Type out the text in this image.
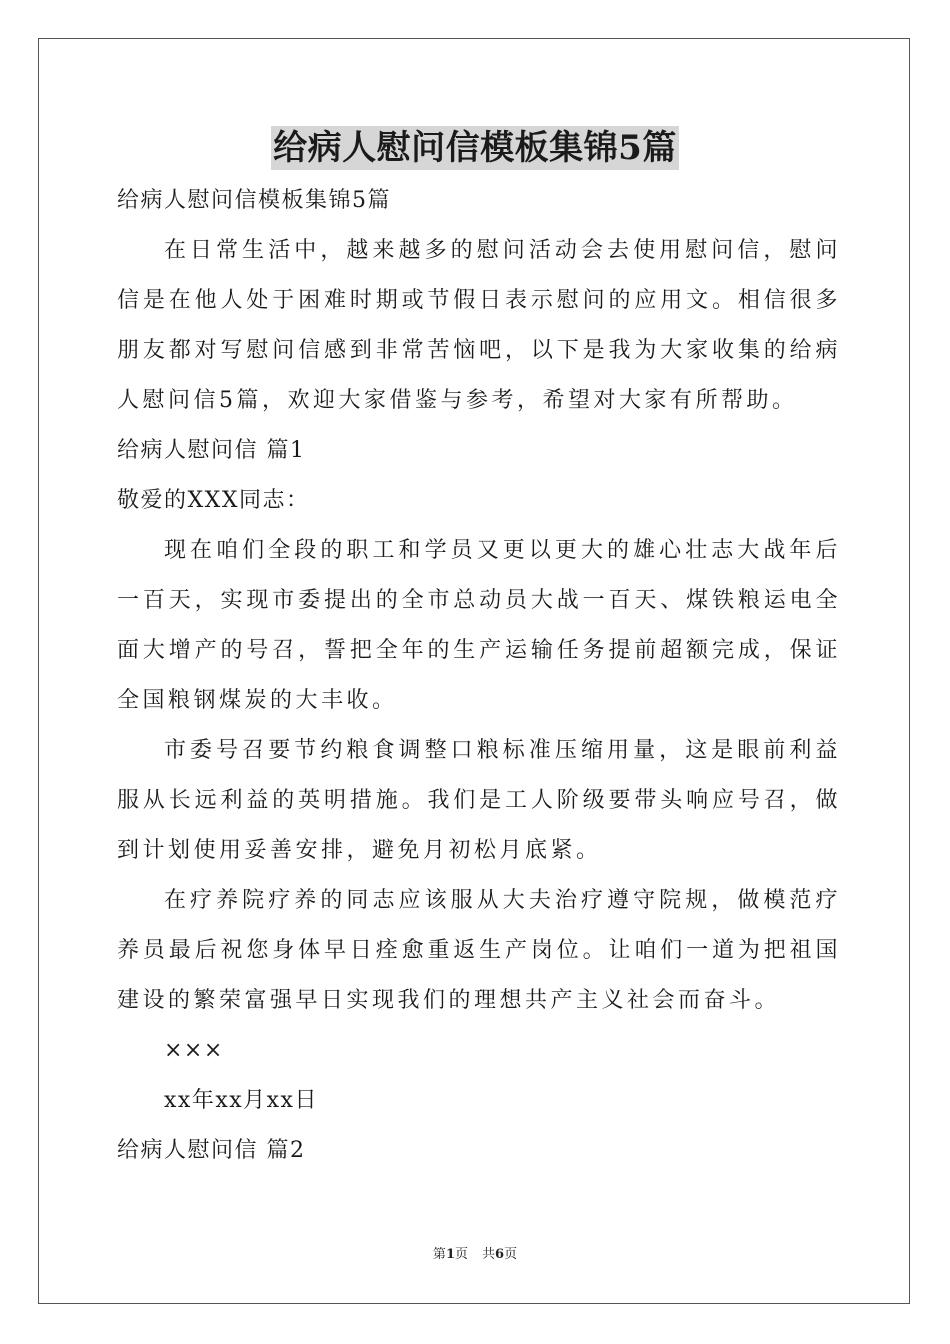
给病人慰问信模板集锦5篇
给病人慰问信模板集锦5篇
在日常生活中，越来越多的慰问活动会去使用慰问信，慰问信是在他人处于困难时期或节假日表示慰问的应用文。相信很多朋友都对写慰问信感到非常苦恼吧，以下是我为大家收集的给病人慰问信5篇，欢迎大家借鉴与参考，希望对大家有所帮助。
给病人慰问信 篇1
敬爱的XXX同志：
现在咱们全段的职工和学员又更以更大的雄心壮志大战年后一百天，实现市委提出的全市总动员大战一百天、煤铁粮运电全面大增产的号召，誓把全年的生产运输任务提前超额完成，保证全国粮钢煤炭的大丰收。
市委号召要节约粮食调整口粮标准压缩用量，这是眼前利益服从长远利益的英明措施。我们是工人阶级要带头响应号召，做到计划使用妥善安排，避免月初松月底紧。
在疗养院疗养的同志应该服从大夫治疗遵守院规，做模范疗养员最后祝您身体早日痊愈重返生产岗位。让咱们一道为把祖国建设的繁荣富强早日实现我们的理想共产主义社会而奋斗。
×××
xx年xx月xx日
给病人慰问信 篇2
第1页 共6页
